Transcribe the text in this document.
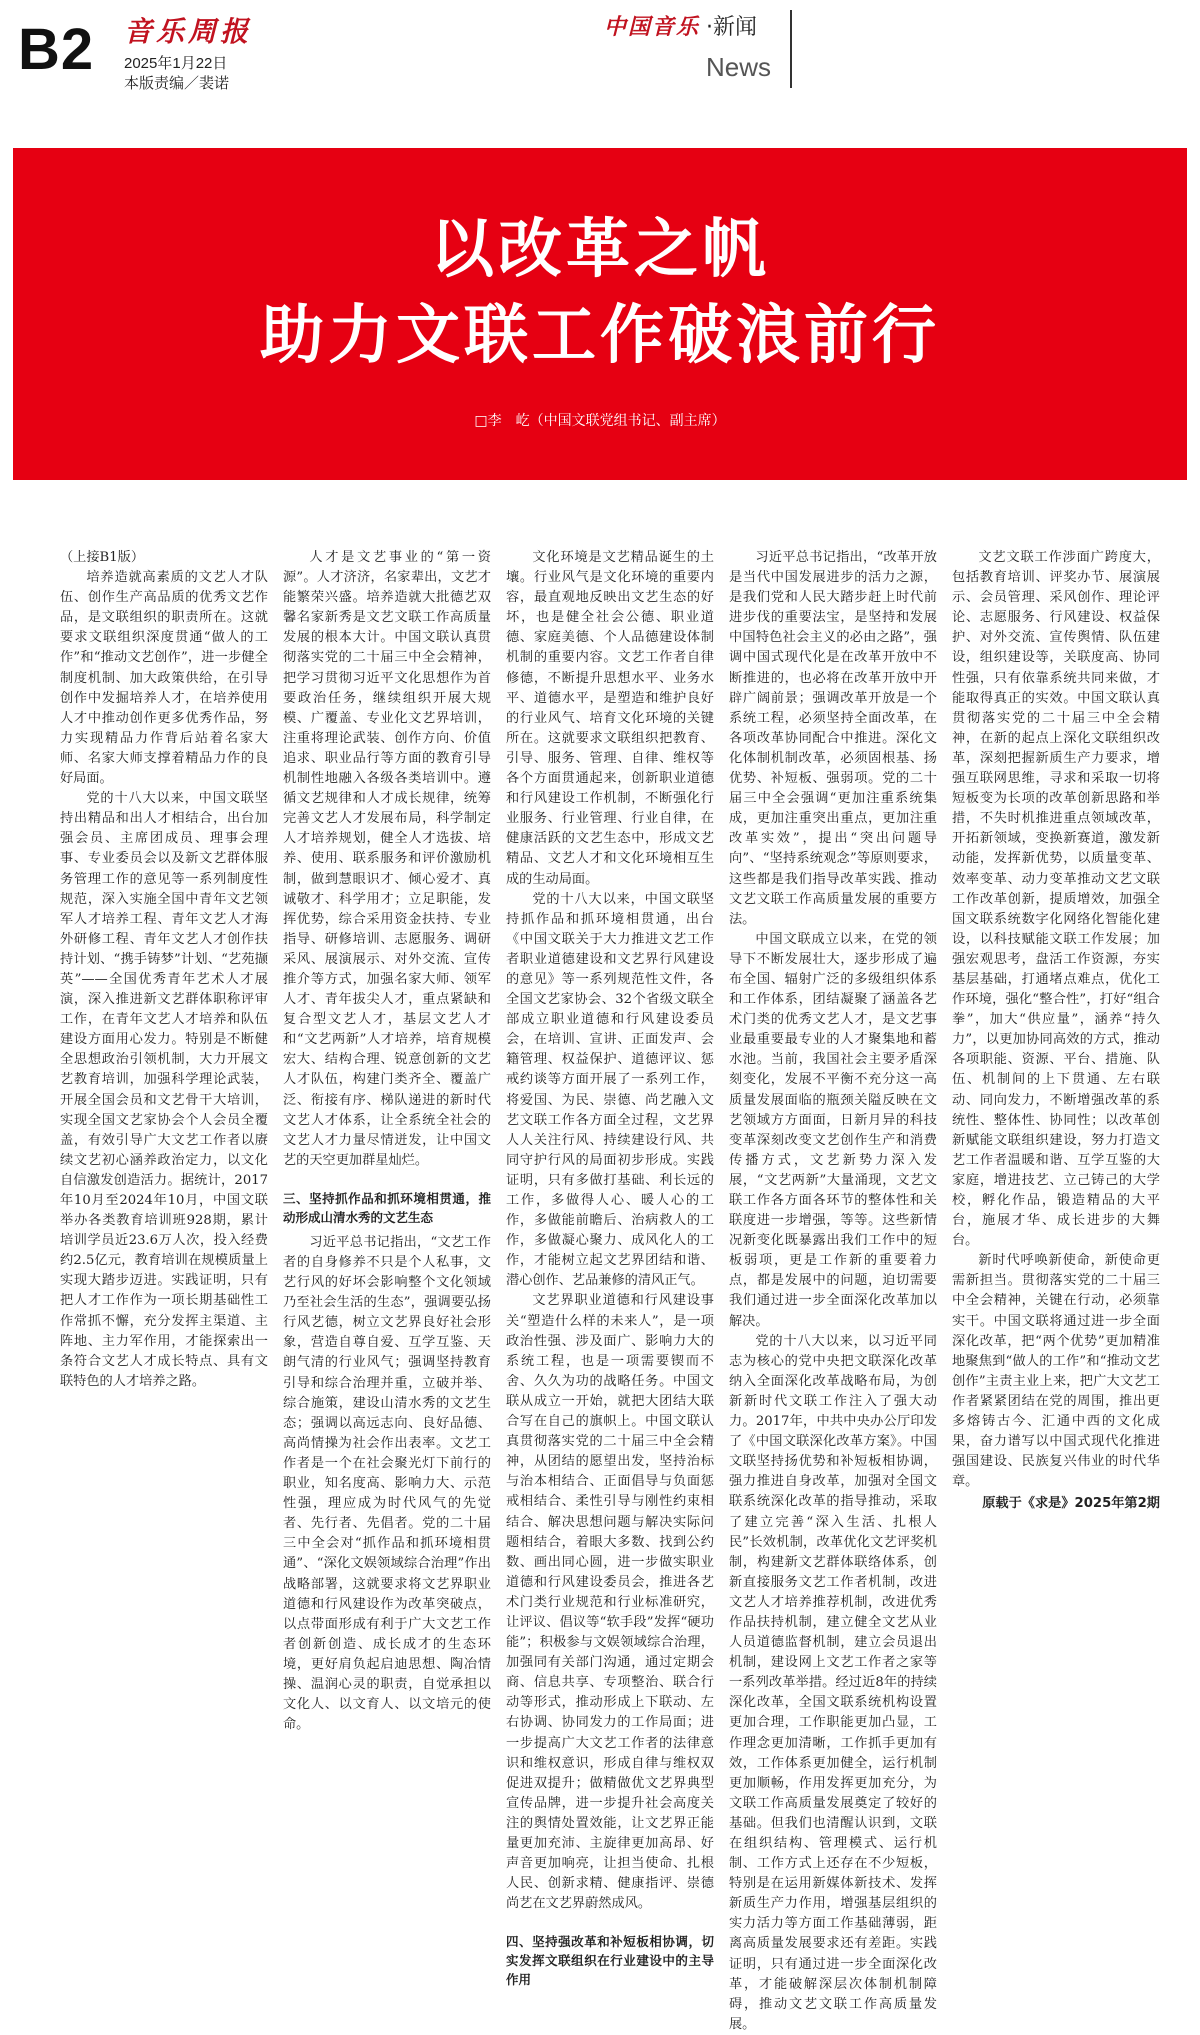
B2 音乐周报
2025年1月22日
本版责编／裴诺
中国音乐 ·新闻
News
以改革之帆
助力文联工作破浪前行
□李　屹（中国文联党组书记、副主席）

（上接B1版）

培养造就高素质的文艺人才队伍、创作生产高品质的优秀文艺作品，是文联组织的职责所在。这就要求文联组织深度贯通“做人的工作”和“推动文艺创作”，进一步健全制度机制、加大政策供给，在引导创作中发掘培养人才，在培养使用人才中推动创作更多优秀作品，努力实现精品力作背后站着名家大师、名家大师支撑着精品力作的良好局面。

党的十八大以来，中国文联坚持出精品和出人才相结合，出台加强会员、主席团成员、理事会理事、专业委员会以及新文艺群体服务管理工作的意见等一系列制度性规范，深入实施全国中青年文艺领军人才培养工程、青年文艺人才海外研修工程、青年文艺人才创作扶持计划、“携手铸梦”计划、“艺苑撷英”——全国优秀青年艺术人才展演，深入推进新文艺群体职称评审工作，在青年文艺人才培养和队伍建设方面用心发力。特别是不断健全思想政治引领机制，大力开展文艺教育培训，加强科学理论武装，开展全国会员和文艺骨干大培训，实现全国文艺家协会个人会员全覆盖，有效引导广大文艺工作者以赓续文艺初心涵养政治定力，以文化自信激发创造活力。据统计，2017年10月至2024年10月，中国文联举办各类教育培训班928期，累计培训学员近23.6万人次，投入经费约2.5亿元，教育培训在规模质量上实现大踏步迈进。实践证明，只有把人才工作作为一项长期基础性工作常抓不懈，充分发挥主渠道、主阵地、主力军作用，才能探索出一条符合文艺人才成长特点、具有文联特色的人才培养之路。

人才是文艺事业的“第一资源”。人才济济，名家辈出，文艺才能繁荣兴盛。培养造就大批德艺双馨名家新秀是文艺文联工作高质量发展的根本大计。中国文联认真贯彻落实党的二十届三中全会精神，把学习贯彻习近平文化思想作为首要政治任务，继续组织开展大规模、广覆盖、专业化文艺界培训，注重将理论武装、创作方向、价值追求、职业品行等方面的教育引导机制性地融入各级各类培训中。遵循文艺规律和人才成长规律，统筹完善文艺人才发展布局，科学制定人才培养规划，健全人才选拔、培养、使用、联系服务和评价激励机制，做到慧眼识才、倾心爱才、真诚敬才、科学用才；立足职能，发挥优势，综合采用资金扶持、专业指导、研修培训、志愿服务、调研采风、展演展示、对外交流、宣传推介等方式，加强名家大师、领军人才、青年拔尖人才，重点紧缺和复合型文艺人才，基层文艺人才和“文艺两新”人才培养，培育规模宏大、结构合理、锐意创新的文艺人才队伍，构建门类齐全、覆盖广泛、衔接有序、梯队递进的新时代文艺人才体系，让全系统全社会的文艺人才力量尽情迸发，让中国文艺的天空更加群星灿烂。

三、坚持抓作品和抓环境相贯通，推动形成山清水秀的文艺生态

习近平总书记指出，“文艺工作者的自身修养不只是个人私事，文艺行风的好坏会影响整个文化领域乃至社会生活的生态”，强调要弘扬行风艺德，树立文艺界良好社会形象，营造自尊自爱、互学互鉴、天朗气清的行业风气；强调坚持教育引导和综合治理并重，立破并举、综合施策，建设山清水秀的文艺生态；强调以高远志向、良好品德、高尚情操为社会作出表率。文艺工作者是一个在社会聚光灯下前行的职业，知名度高、影响力大、示范性强，理应成为时代风气的先觉者、先行者、先倡者。党的二十届三中全会对“抓作品和抓环境相贯通”、“深化文娱领域综合治理”作出战略部署，这就要求将文艺界职业道德和行风建设作为改革突破点，以点带面形成有利于广大文艺工作者创新创造、成长成才的生态环境，更好肩负起启迪思想、陶冶情操、温润心灵的职责，自觉承担以文化人、以文育人、以文培元的使命。

文化环境是文艺精品诞生的土壤。行业风气是文化环境的重要内容，最直观地反映出文艺生态的好坏，也是健全社会公德、职业道德、家庭美德、个人品德建设体制机制的重要内容。文艺工作者自律修德，不断提升思想水平、业务水平、道德水平，是塑造和维护良好的行业风气、培育文化环境的关键所在。这就要求文联组织把教育、引导、服务、管理、自律、维权等各个方面贯通起来，创新职业道德和行风建设工作机制，不断强化行业服务、行业管理、行业自律，在健康活跃的文艺生态中，形成文艺精品、文艺人才和文化环境相互生成的生动局面。

党的十八大以来，中国文联坚持抓作品和抓环境相贯通，出台《中国文联关于大力推进文艺工作者职业道德建设和文艺界行风建设的意见》等一系列规范性文件，各全国文艺家协会、32个省级文联全部成立职业道德和行风建设委员会，在培训、宣讲、正面发声、会籍管理、权益保护、道德评议、惩戒约谈等方面开展了一系列工作，将爱国、为民、崇德、尚艺融入文艺文联工作各方面全过程，文艺界人人关注行风、持续建设行风、共同守护行风的局面初步形成。实践证明，只有多做打基础、利长远的工作，多做得人心、暖人心的工作，多做能前瞻后、治病救人的工作，多做凝心聚力、成风化人的工作，才能树立起文艺界团结和谐、潜心创作、艺品兼修的清风正气。

文艺界职业道德和行风建设事关“塑造什么样的未来人”，是一项政治性强、涉及面广、影响力大的系统工程，也是一项需要锲而不舍、久久为功的战略任务。中国文联从成立一开始，就把大团结大联合写在自己的旗帜上。中国文联认真贯彻落实党的二十届三中全会精神，从团结的愿望出发，坚持治标与治本相结合、正面倡导与负面惩戒相结合、柔性引导与刚性约束相结合、解决思想问题与解决实际问题相结合，着眼大多数、找到公约数、画出同心圆，进一步做实职业道德和行风建设委员会，推进各艺术门类行业规范和行业标准研究，让评议、倡议等“软手段”发挥“硬功能”；积极参与文娱领域综合治理，加强同有关部门沟通，通过定期会商、信息共享、专项整治、联合行动等形式，推动形成上下联动、左右协调、协同发力的工作局面；进一步提高广大文艺工作者的法律意识和维权意识，形成自律与维权双促进双提升；做精做优文艺界典型宣传品牌，进一步提升社会高度关注的舆情处置效能，让文艺界正能量更加充沛、主旋律更加高昂、好声音更加响亮，让担当使命、扎根人民、创新求精、健康指评、崇德尚艺在文艺界蔚然成风。

四、坚持强改革和补短板相协调，切实发挥文联组织在行业建设中的主导作用

习近平总书记指出，“改革开放是当代中国发展进步的活力之源，是我们党和人民大踏步赶上时代前进步伐的重要法宝，是坚持和发展中国特色社会主义的必由之路”，强调中国式现代化是在改革开放中不断推进的，也必将在改革开放中开辟广阔前景；强调改革开放是一个系统工程，必须坚持全面改革，在各项改革协同配合中推进。深化文化体制机制改革，必须固根基、扬优势、补短板、强弱项。党的二十届三中全会强调“更加注重系统集成，更加注重突出重点，更加注重改革实效”，提出“突出问题导向”、“坚持系统观念”等原则要求，这些都是我们指导改革实践、推动文艺文联工作高质量发展的重要方法。

中国文联成立以来，在党的领导下不断发展壮大，逐步形成了遍布全国、辐射广泛的多级组织体系和工作体系，团结凝聚了涵盖各艺术门类的优秀文艺人才，是文艺事业最重要最专业的人才聚集地和蓄水池。当前，我国社会主要矛盾深刻变化，发展不平衡不充分这一高质量发展面临的瓶颈关隘反映在文艺领域方方面面，日新月异的科技变革深刻改变文艺创作生产和消费传播方式，文艺新势力深入发展，“文艺两新”大量涌现，文艺文联工作各方面各环节的整体性和关联度进一步增强，等等。这些新情况新变化既暴露出我们工作中的短板弱项，更是工作新的重要着力点，都是发展中的问题，迫切需要我们通过进一步全面深化改革加以解决。

党的十八大以来，以习近平同志为核心的党中央把文联深化改革纳入全面深化改革战略布局，为创新新时代文联工作注入了强大动力。2017年，中共中央办公厅印发了《中国文联深化改革方案》。中国文联坚持扬优势和补短板相协调，强力推进自身改革，加强对全国文联系统深化改革的指导推动，采取了建立完善“深入生活、扎根人民”长效机制，改革优化文艺评奖机制，构建新文艺群体联络体系，创新直接服务文艺工作者机制，改进文艺人才培养推荐机制，改进优秀作品扶持机制，建立健全文艺从业人员道德监督机制，建立会员退出机制，建设网上文艺工作者之家等一系列改革举措。经过近8年的持续深化改革，全国文联系统机构设置更加合理，工作职能更加凸显，工作理念更加清晰，工作抓手更加有效，工作体系更加健全，运行机制更加顺畅，作用发挥更加充分，为文联工作高质量发展奠定了较好的基础。但我们也清醒认识到，文联在组织结构、管理模式、运行机制、工作方式上还存在不少短板，特别是在运用新媒体新技术、发挥新质生产力作用，增强基层组织的实力活力等方面工作基础薄弱，距离高质量发展要求还有差距。实践证明，只有通过进一步全面深化改革，才能破解深层次体制机制障碍，推动文艺文联工作高质量发展。

文艺文联工作涉面广跨度大，包括教育培训、评奖办节、展演展示、会员管理、采风创作、理论评论、志愿服务、行风建设、权益保护、对外交流、宣传舆情、队伍建设，组织建设等，关联度高、协同性强，只有依靠系统共同来做，才能取得真正的实效。中国文联认真贯彻落实党的二十届三中全会精神，在新的起点上深化文联组织改革，深刻把握新质生产力要求，增强互联网思维，寻求和采取一切将短板变为长项的改革创新思路和举措，不失时机推进重点领域改革，开拓新领域，变换新赛道，激发新动能，发挥新优势，以质量变革、效率变革、动力变革推动文艺文联工作改革创新，提质增效，加强全国文联系统数字化网络化智能化建设，以科技赋能文联工作发展；加强宏观思考，盘活工作资源，夯实基层基础，打通堵点难点，优化工作环境，强化“整合性”，打好“组合拳”，加大“供应量”，涵养“持久力”，以更加协同高效的方式，推动各项职能、资源、平台、措施、队伍、机制间的上下贯通、左右联动、同向发力，不断增强改革的系统性、整体性、协同性；以改革创新赋能文联组织建设，努力打造文艺工作者温暖和谐、互学互鉴的大家庭，增进技艺、立己铸己的大学校，孵化作品，锻造精品的大平台，施展才华、成长进步的大舞台。

新时代呼唤新使命，新使命更需新担当。贯彻落实党的二十届三中全会精神，关键在行动，必须靠实干。中国文联将通过进一步全面深化改革，把“两个优势”更加精准地聚焦到“做人的工作”和“推动文艺创作”主责主业上来，把广大文艺工作者紧紧团结在党的周围，推出更多熔铸古今、汇通中西的文化成果，奋力谱写以中国式现代化推进强国建设、民族复兴伟业的时代华章。

原载于《求是》2025年第2期
